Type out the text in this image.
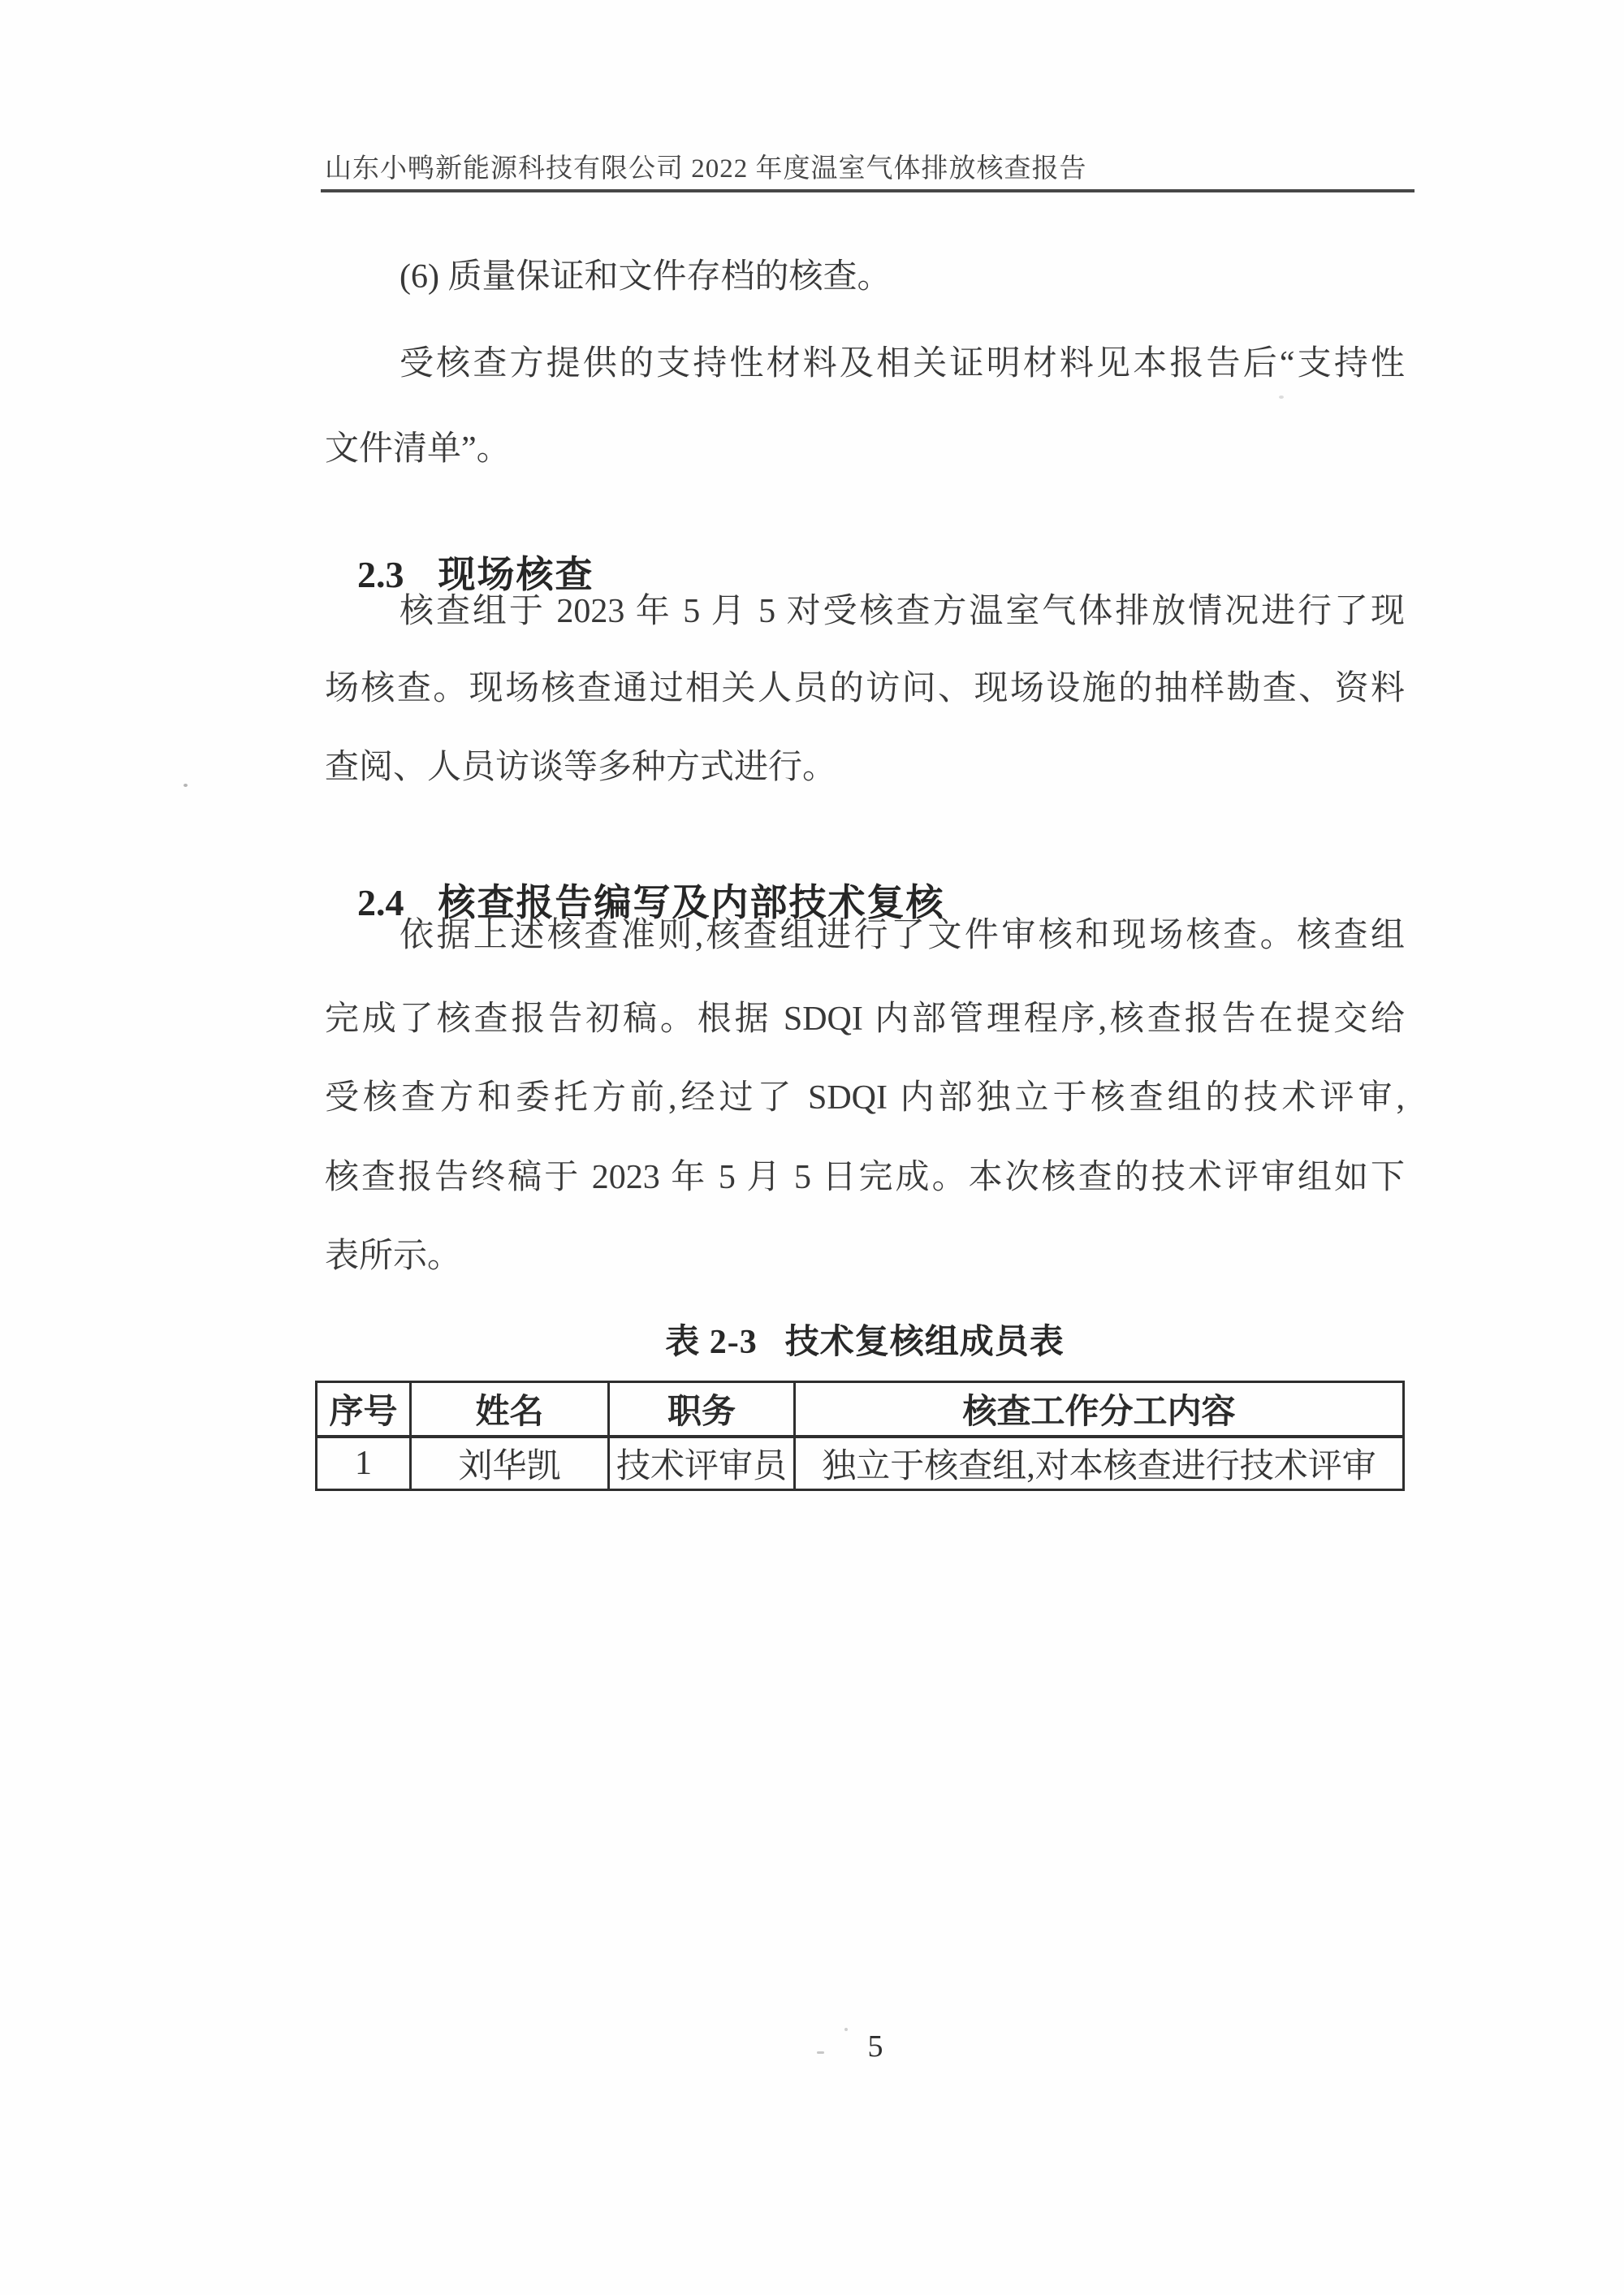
山东小鸭新能源科技有限公司 2022 年度温室气体排放核查报告
(6) 质量保证和文件存档的核查。
受核查方提供的支持性材料及相关证明材料见本报告后“支持性
文件清单”。

2.3 现场核查

核查组于 2023 年 5 月 5 对受核查方温室气体排放情况进行了现
场核查。现场核查通过相关人员的访问、现场设施的抽样勘查、资料
查阅、人员访谈等多种方式进行。

2.4 核查报告编写及内部技术复核

依据上述核查准则,核查组进行了文件审核和现场核查。核查组
完成了核查报告初稿。根据 SDQI 内部管理程序,核查报告在提交给
受核查方和委托方前,经过了 SDQI 内部独立于核查组的技术评审,
核查报告终稿于 2023 年 5 月 5 日完成。本次核查的技术评审组如下
表所示。
表 2-3 技术复核组成员表
序号	姓名	职务	核查工作分工内容
1	刘华凯	技术评审员	独立于核查组,对本核查进行技术评审
5
